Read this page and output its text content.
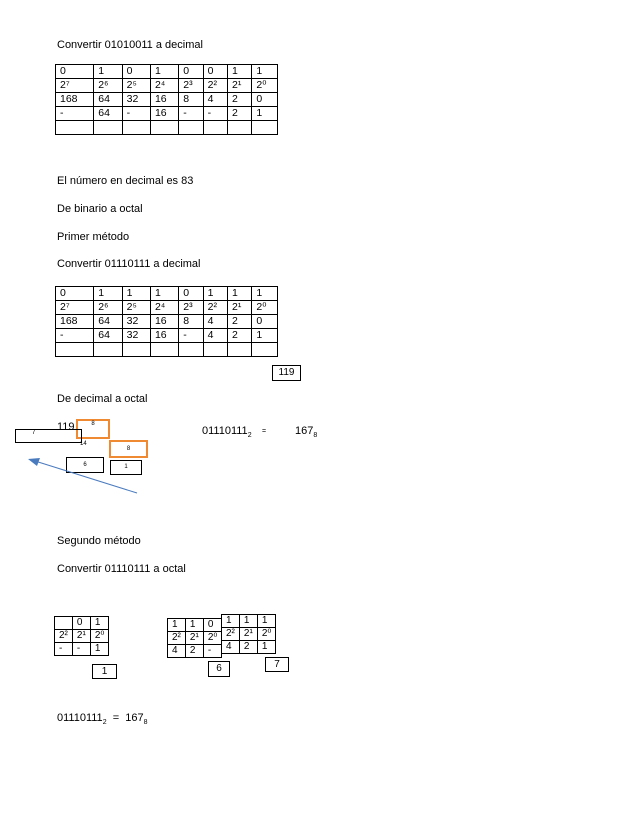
Convertir 01010011 a decimal
0	1	0	1	0	0	1	1
2⁷	2⁶	2⁵	2⁴	2³	2²	2¹	2⁰
168	64	32	16	8	4	2	0
-	64	-	16	-	-	2	1

El número en decimal es 83
De binario a octal
Primer método
Convertir 01110111 a decimal
0	1	1	1	0	1	1	1
2⁷	2⁶	2⁵	2⁴	2³	2²	2¹	2⁰
168	64	32	16	8	4	2	0
-	64	32	16	-	4	2	1

119
De decimal a octal
119	8
7
14
8
6	1
$01110111_2$
=	$167_8$
Segundo método
Convertir 01110111 a octal
	0	1
2²	2¹	2⁰
-	-	1
1
1	1	0
2²	2¹	2⁰
4	2	-
6
1	1	1
2²	2¹	2⁰
4	2	1
7
$01110111_2 = 167_8$
